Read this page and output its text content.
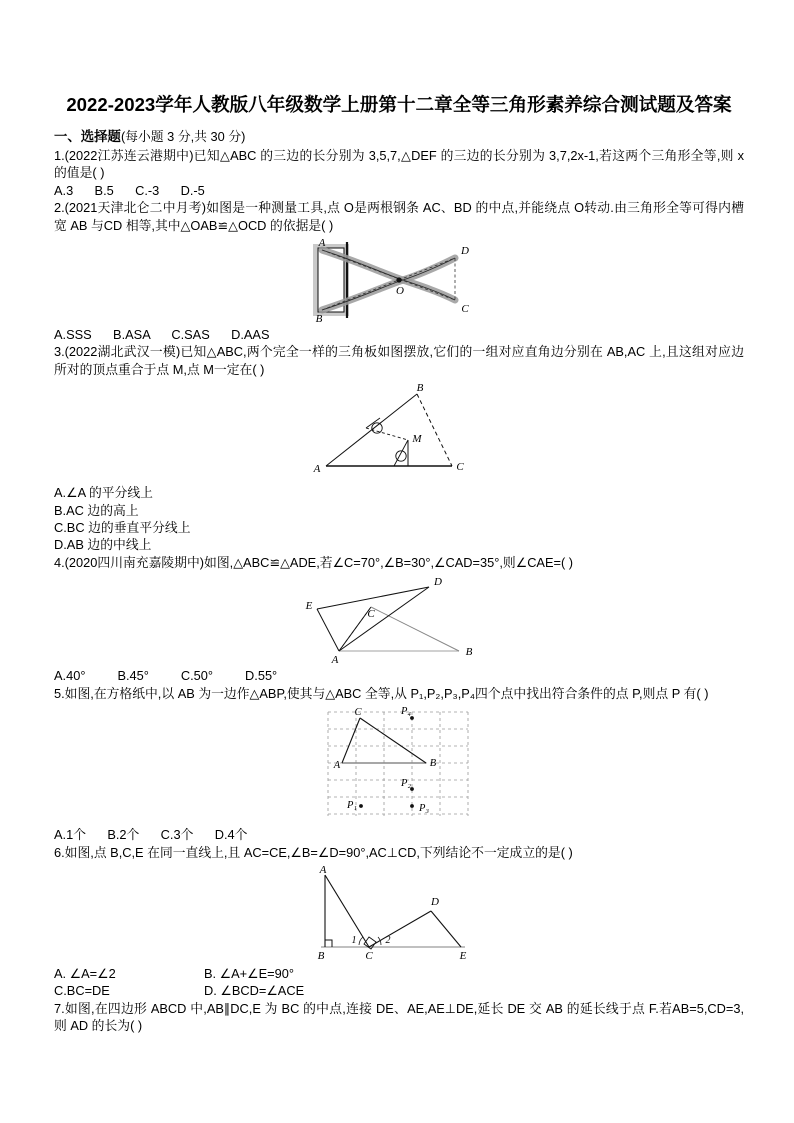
2022-2023学年人教版八年级数学上册第十二章全等三角形素养综合测试题及答案
一、选择题(每小题 3 分,共 30 分)

1.(2022江苏连云港期中)已知△ABC 的三边的长分别为 3,5,7,△DEF 的三边的长分别为 3,7,2x-1,若这两个三角形全等,则 x 的值是( )

A.3      B.5      C.-3      D.-5

2.(2021天津北仑二中月考)如图是一种测量工具,点 O是两根钢条 AC、BD 的中点,并能绕点 O转动.由三角形全等可得内槽宽 AB 与CD 相等,其中△OAB≌△OCD 的依据是( )

A
B
O
D
C

A.SSS      B.ASA      C.SAS      D.AAS

3.(2022湖北武汉一模)已知△ABC,两个完全一样的三角板如图摆放,它们的一组对应直角边分别在 AB,AC 上,且这组对应边所对的顶点重合于点 M,点 M一定在( )

A
B
C
M
A.∠A 的平分线上
B.AC 边的高上
C.BC 边的垂直平分线上
D.AB 边的中线上

4.(2020四川南充嘉陵期中)如图,△ABC≌△ADE,若∠C=70°,∠B=30°,∠CAD=35°,则∠CAE=( )

A
B
C
D
E

A.40°         B.45°         C.50°         D.55°

5.如图,在方格纸中,以 AB 为一边作△ABP,使其与△ABC 全等,从 P₁,P₂,P₃,P₄四个点中找出符合条件的点 P,则点 P 有( )

C
A	B
P₄
P₂
P₃
P₁

A.1个      B.2个      C.3个      D.4个

6.如图,点 B,C,E 在同一直线上,且 AC=CE,∠B=∠D=90°,AC⊥CD,下列结论不一定成立的是( )

A
B	C
D
E
1	2
A. ∠A=∠2	B. ∠A+∠E=90°
C.BC=DE	D. ∠BCD=∠ACE

7.如图,在四边形 ABCD 中,AB∥DC,E 为 BC 的中点,连接 DE、AE,AE⊥DE,延长 DE 交 AB 的延长线于点 F.若AB=5,CD=3,则 AD 的长为( )
